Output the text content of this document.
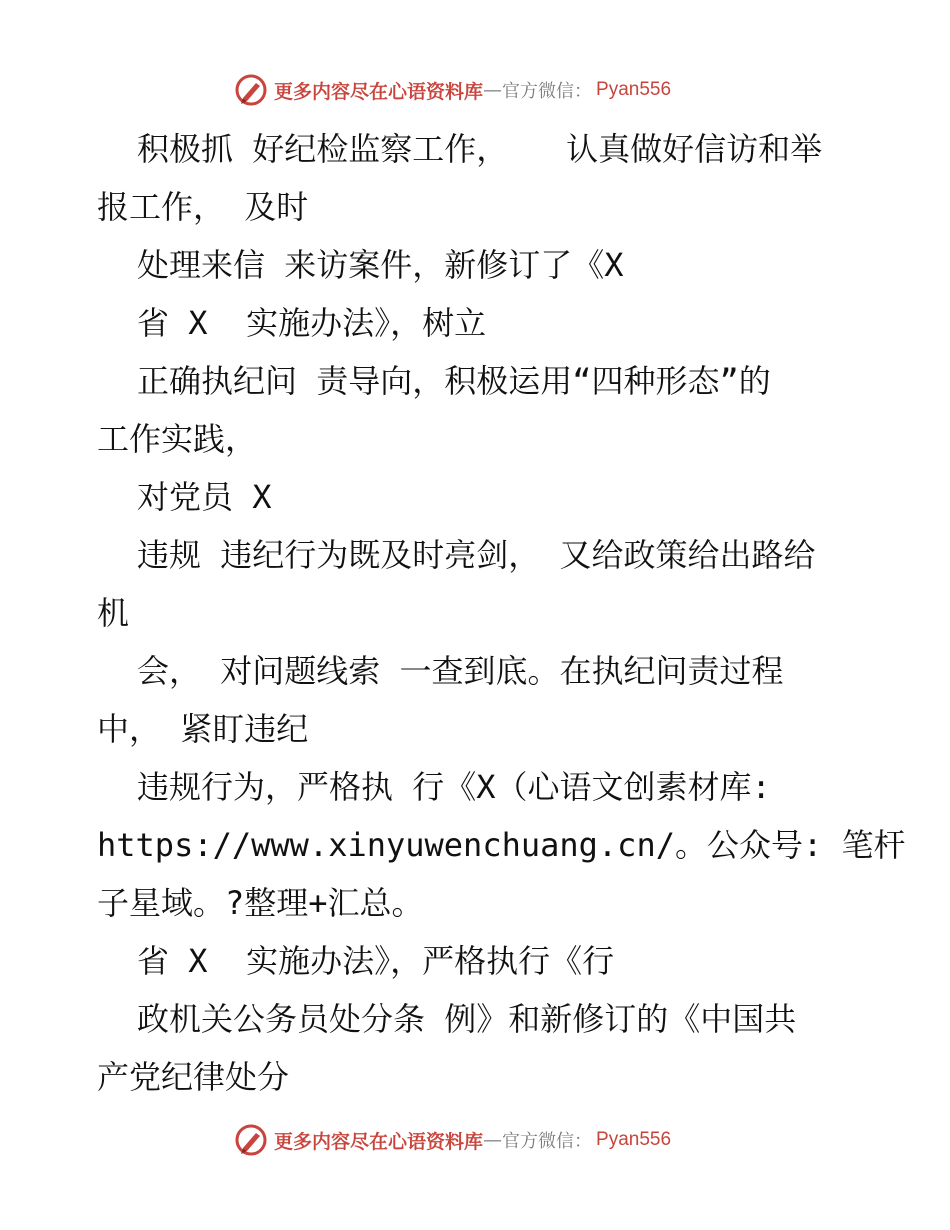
更多内容尽在心语资料库 — 官方微信： Pyan556
积极抓 好纪检监察工作，   认真做好信访和举
报工作， 及时
处理来信 来访案件，新修订了《X
省 X  实施办法》，树立
正确执纪问 责导向，积极运用“四种形态”的
工作实践，
对党员 X
违规 违纪行为既及时亮剑， 又给政策给出路给
机
会， 对问题线索 一查到底。在执纪问责过程
中， 紧盯违纪
违规行为，严格执 行《X（心语文创素材库:
https://www.xinyuwenchuang.cn/。公众号: 笔杆
子星域。?整理+汇总。
省 X  实施办法》，严格执行《行
政机关公务员处分条 例》和新修订的《中国共
产党纪律处分
更多内容尽在心语资料库 — 官方微信： Pyan556
